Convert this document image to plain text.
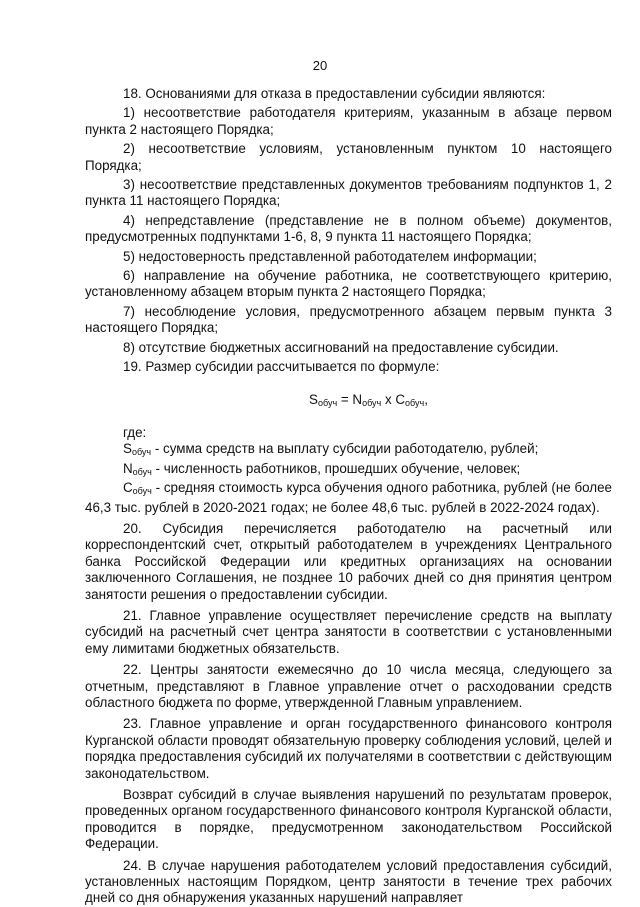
20

18. Основаниями для отказа в предоставлении субсидии являются:

1) несоответствие работодателя критериям, указанным в абзаце первом пункта 2 настоящего Порядка;

2) несоответствие условиям, установленным пунктом 10 настоящего Порядка;

3) несоответствие представленных документов требованиям подпунктов 1, 2 пункта 11 настоящего Порядка;

4) непредставление (представление не в полном объеме) документов, предусмотренных подпунктами 1-6, 8, 9 пункта 11 настоящего Порядка;

5) недостоверность представленной работодателем информации;

6) направление на обучение работника, не соответствующего критерию, установленному абзацем вторым пункта 2 настоящего Порядка;

7) несоблюдение условия, предусмотренного абзацем первым пункта 3 настоящего Порядка;

8) отсутствие бюджетных ассигнований на предоставление субсидии.

19. Размер субсидии рассчитывается по формуле:

$S_{обуч} = N_{обуч}$ x $C_{обуч}$,

где:

Sобуч - сумма средств на выплату субсидии работодателю, рублей;

Nобуч - численность работников, прошедших обучение, человек;

Cобуч - средняя стоимость курса обучения одного работника, рублей (не более 46,3 тыс. рублей в 2020-2021 годах; не более 48,6 тыс. рублей в 2022-2024 годах).

20. Субсидия перечисляется работодателю на расчетный или корреспондентский счет, открытый работодателем в учреждениях Центрального банка Российской Федерации или кредитных организациях на основании заключенного Соглашения, не позднее 10 рабочих дней со дня принятия центром занятости решения о предоставлении субсидии.

21. Главное управление осуществляет перечисление средств на выплату субсидий на расчетный счет центра занятости в соответствии с установленными ему лимитами бюджетных обязательств.

22. Центры занятости ежемесячно до 10 числа месяца, следующего за отчетным, представляют в Главное управление отчет о расходовании средств областного бюджета по форме, утвержденной Главным управлением.

23. Главное управление и орган государственного финансового контроля Курганской области проводят обязательную проверку соблюдения условий, целей и порядка предоставления субсидий их получателями в соответствии с действующим законодательством.

Возврат субсидий в случае выявления нарушений по результатам проверок, проведенных органом государственного финансового контроля Курганской области, проводится в порядке, предусмотренном законодательством Российской Федерации.

24. В случае нарушения работодателем условий предоставления субсидий, установленных настоящим Порядком, центр занятости в течение трех рабочих дней со дня обнаружения указанных нарушений направляет
